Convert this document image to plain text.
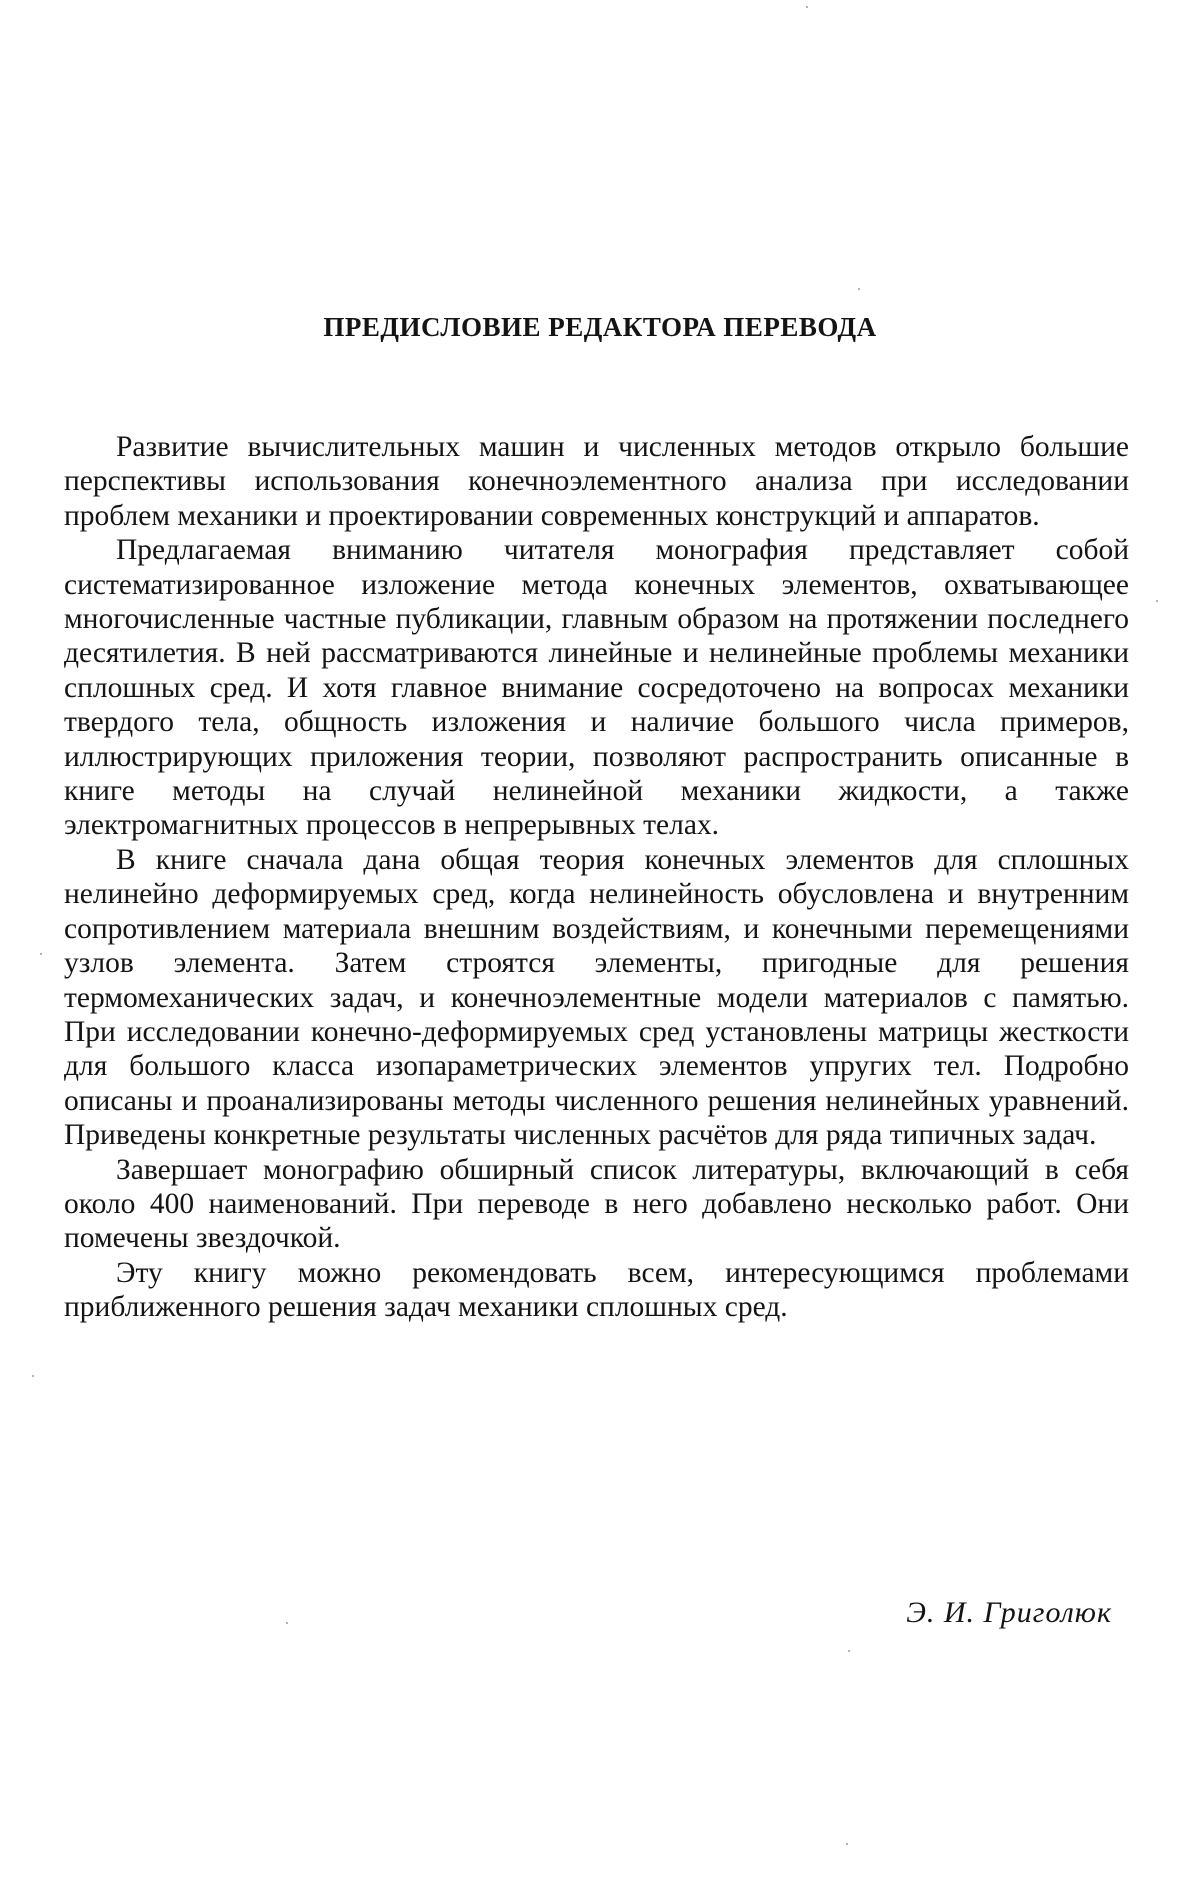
ПРЕДИСЛОВИЕ РЕДАКТОРА ПЕРЕВОДА

Развитие вычислительных машин и численных методов открыло большие перспективы использования конечноэлементного анализа при исследовании проблем механики и проектировании современных конструкций и аппаратов.

Предлагаемая вниманию читателя монография представляет собой систематизированное изложение метода конечных элементов, охватывающее многочисленные частные публикации, главным образом на протяжении последнего десятилетия. В ней рассматриваются линейные и нелинейные проблемы механики сплошных сред. И хотя главное внимание сосредоточено на вопросах механики твердого тела, общность изложения и наличие большого числа примеров, иллюстрирующих приложения теории, позволяют распространить описанные в книге методы на случай нелинейной механики жидкости, а также электромагнитных процессов в непрерывных телах.

В книге сначала дана общая теория конечных элементов для сплошных нелинейно деформируемых сред, когда нелинейность обусловлена и внутренним сопротивлением материала внешним воздействиям, и конечными перемещениями узлов элемента. Затем строятся элементы, пригодные для решения термомеханических задач, и конечноэлементные модели материалов с памятью. При исследовании конечно-деформируемых сред установлены матрицы жесткости для большого класса изопараметрических элементов упругих тел. Подробно описаны и проанализированы методы численного решения нелинейных уравнений. Приведены конкретные результаты численных расчётов для ряда типичных задач.

Завершает монографию обширный список литературы, включающий в себя около 400 наименований. При переводе в него добавлено несколько работ. Они помечены звездочкой.

Эту книгу можно рекомендовать всем, интересующимся проблемами приближенного решения задач механики сплошных сред.

Э. И. Григолюк
